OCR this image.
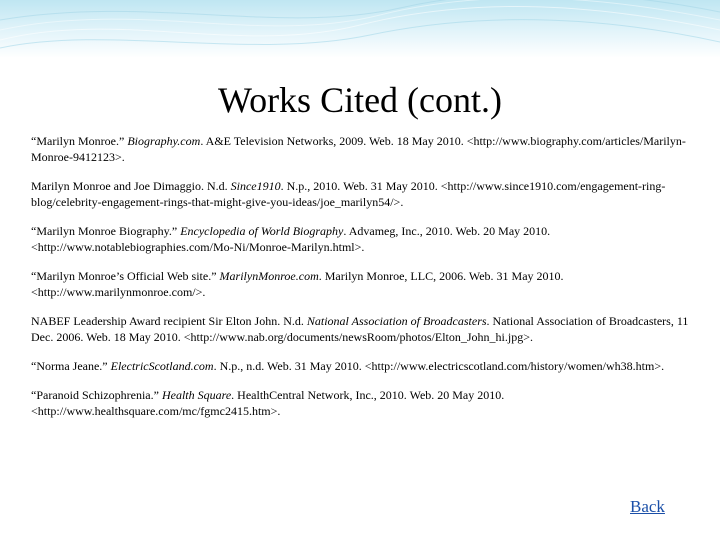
Works Cited (cont.)
“Marilyn Monroe.” Biography.com. A&E Television Networks, 2009. Web. 18 May 2010. <http://www.biography.com/articles/Marilyn-Monroe-9412123>.
Marilyn Monroe and Joe Dimaggio. N.d. Since1910. N.p., 2010. Web. 31 May 2010. <http://www.since1910.com/engagement-ring-blog/celebrity-engagement-rings-that-might-give-you-ideas/joe_marilyn54/>.
“Marilyn Monroe Biography.” Encyclopedia of World Biography. Advameg, Inc., 2010. Web. 20 May 2010. <http://www.notablebiographies.com/Mo-Ni/Monroe-Marilyn.html>.
“Marilyn Monroe’s Official Web site.” MarilynMonroe.com. Marilyn Monroe, LLC, 2006. Web. 31 May 2010. <http://www.marilynmonroe.com/>.
NABEF Leadership Award recipient Sir Elton John. N.d. National Association of Broadcasters. National Association of Broadcasters, 11 Dec. 2006. Web. 18 May 2010. <http://www.nab.org/documents/newsRoom/photos/Elton_John_hi.jpg>.
“Norma Jeane.” ElectricScotland.com. N.p., n.d. Web. 31 May 2010. <http://www.electricscotland.com/history/women/wh38.htm>.
“Paranoid Schizophrenia.” Health Square. HealthCentral Network, Inc., 2010. Web. 20 May 2010. <http://www.healthsquare.com/mc/fgmc2415.htm>.
Back
